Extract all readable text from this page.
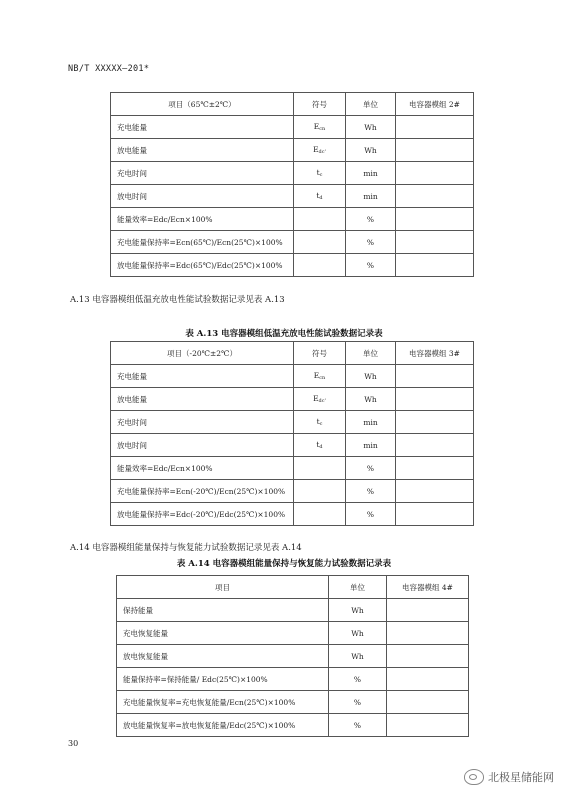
NB/T XXXXX—201*
项目（65℃±2℃）	符号	单位	电容器模组 2#
充电能量	$E_{cn}$	Wh	
放电能量	$E_{dc'}$	Wh	
充电时间	$t_c$	min	
放电时间	$t_d$	min	
能量效率=Edc/Ecn×100%		%	
充电能量保持率=Ecn(65℃)/Ecn(25℃)×100%		%	
放电能量保持率=Edc(65℃)/Edc(25℃)×100%		%	
A.13 电容器模组低温充放电性能试验数据记录见表 A.13
表 A.13 电容器模组低温充放电性能试验数据记录表
项目（-20℃±2℃）	符号	单位	电容器模组 3#
充电能量	$E_{cn}$	Wh	
放电能量	$E_{dc'}$	Wh	
充电时间	$t_c$	min	
放电时间	$t_d$	min	
能量效率=Edc/Ecn×100%		%	
充电能量保持率=Ecn(-20℃)/Ecn(25℃)×100%		%	
放电能量保持率=Edc(-20℃)/Edc(25℃)×100%		%	
A.14 电容器模组能量保持与恢复能力试验数据记录见表 A.14
表 A.14 电容器模组能量保持与恢复能力试验数据记录表
项目	单位	电容器模组 4#
保持能量	Wh	
充电恢复能量	Wh	
放电恢复能量	Wh	
能量保持率=保持能量/ Edc(25℃)×100%	%	
充电能量恢复率=充电恢复能量/Ecn(25℃)×100%	%	
放电能量恢复率=放电恢复能量/Edc(25℃)×100%	%	
30
北极星储能网
